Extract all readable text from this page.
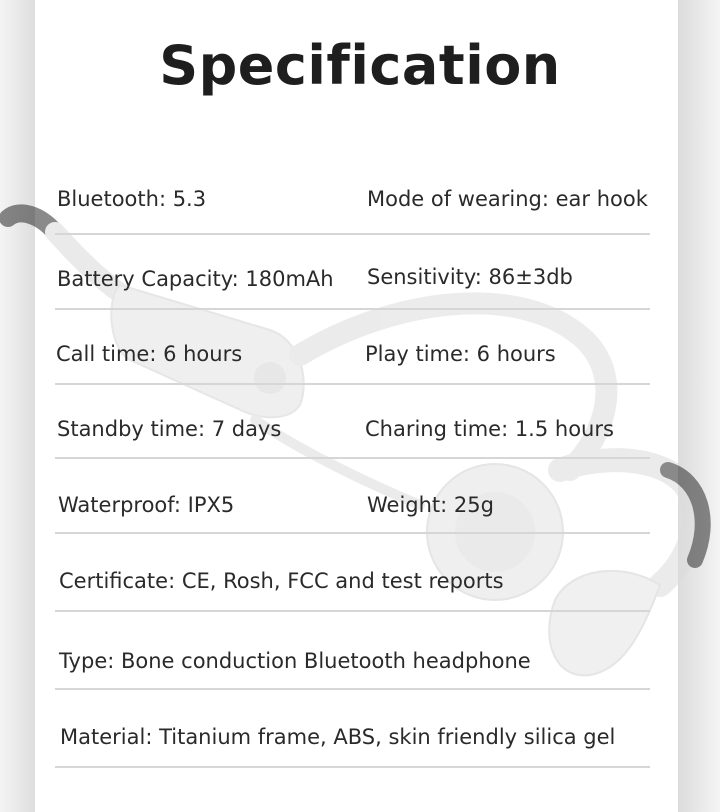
Specification
Bluetooth: 5.3	Mode of wearing: ear hook
Battery Capacity: 180mAh Sensitivity: 86±3db
Call time: 6 hours	Play time: 6 hours
Standby time: 7 days	Charing time: 1.5 hours
Waterproof: IPX5	Weight: 25g
Certificate: CE, Rosh, FCC and test reports
Type: Bone conduction Bluetooth headphone
Material: Titanium frame, ABS, skin friendly silica gel
